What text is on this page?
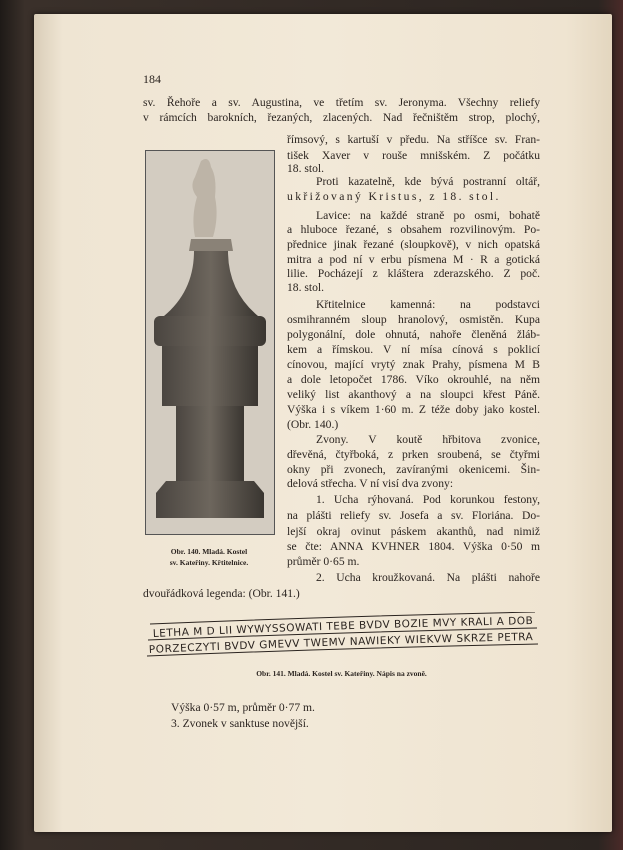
184
sv. Řehoře a sv. Augustina, ve třetím sv. Jeronyma. Všechny reliefy
v rámcích barokních, řezaných, zlacených. Nad řečništěm strop, plochý,
římsový, s kartuší v předu. Na stříšce sv. Fran-
tišek Xaver v rouše mnišském. Z počátku
18. stol.
Proti kazatelně, kde bývá postranní oltář,
ukřižovaný Kristus, z 18. stol.
Lavice: na každé straně po osmi, bohatě
a hluboce řezané, s obsahem rozvilinovým. Po-
přednice jinak řezané (sloupkově), v nich opatská
mitra a pod ní v erbu písmena M · R a gotická
lilie. Pocházejí z kláštera zderazského. Z poč.
18. stol.
Křtitelnice kamenná: na podstavci
osmihranném sloup hranolový, osmistěn. Kupa
polygonální, dole ohnutá, nahoře členěná žláb-
kem a římskou. V ní mísa cínová s poklicí
cínovou, mající vrytý znak Prahy, písmena M B
a dole letopočet 1786. Víko okrouhlé, na něm
veliký list akanthový a na sloupci křest Páně.
Výška i s víkem 1·60 m. Z téže doby jako kostel.
(Obr. 140.)
Zvony. V koutě hřbitova zvonice,
dřevěná, čtyřboká, z prken sroubená, se čtyřmi
okny při zvonech, zavíranými okenicemi. Šin-
delová střecha. V ní visí dva zvony:
1. Ucha rýhovaná. Pod korunkou festony,
na plášti reliefy sv. Josefa a sv. Floriána. Do-
lejší okraj ovinut páskem akanthů, nad nimiž
se čte: ANNA KVHNER 1804. Výška 0·50 m
průměr 0·65 m.
2. Ucha kroužkovaná. Na plášti nahoře
dvouřádková legenda: (Obr. 141.)
Obr. 140. Mladá. Kostel
sv. Kateřiny. Křtitelnice.
LETHA M D LII WYWYSSOWATI TEBE BVDV BOZIE MVY KRALI A DOB
PORZECZYTI BVDV GMEVV TWEMV NAWIEKY WIEKVW SKRZE PETRA
Obr. 141. Mladá. Kostel sv. Kateřiny. Nápis na zvoně.
Výška 0·57 m, průměr 0·77 m.
3. Zvonek v sanktuse novější.
